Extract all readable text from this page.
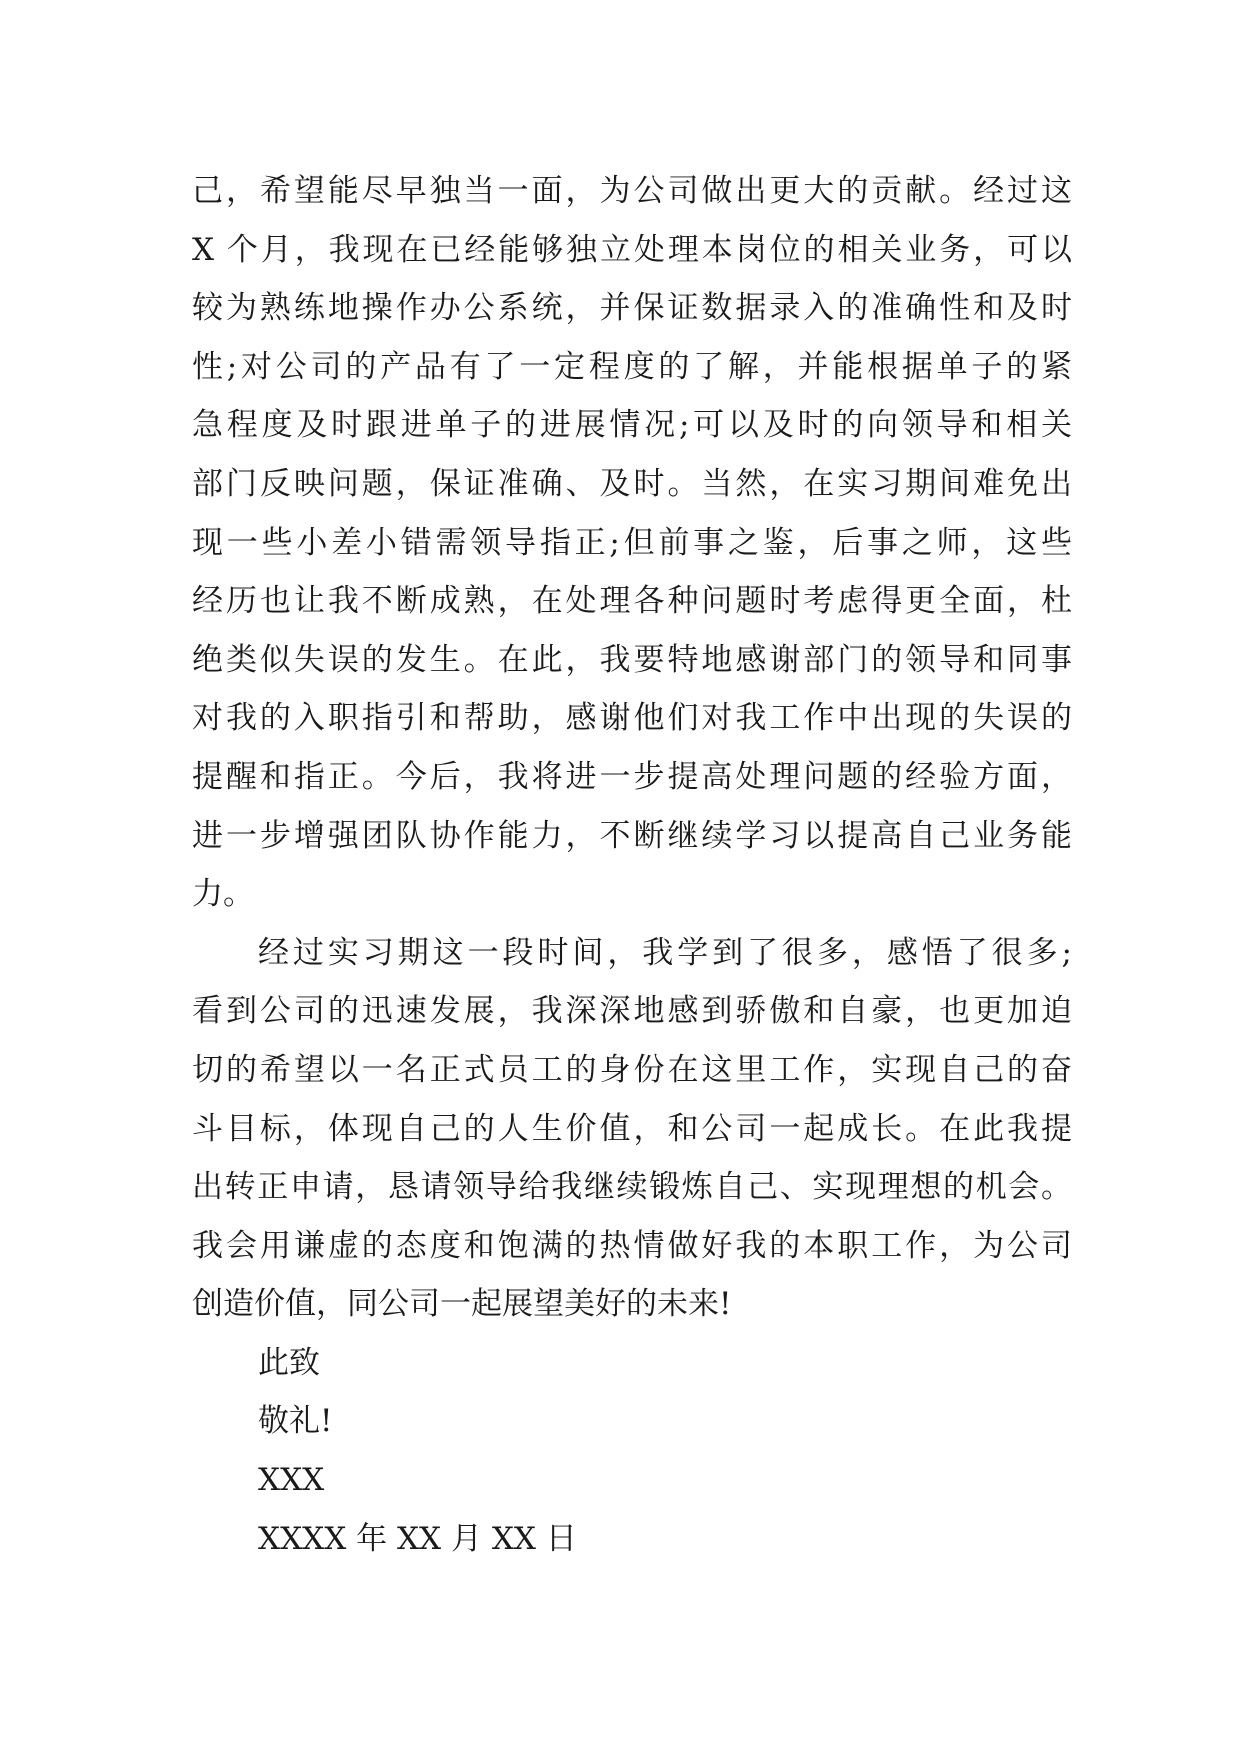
己，希望能尽早独当一面，为公司做出更大的贡献。经过这
X 个月，我现在已经能够独立处理本岗位的相关业务，可以
较为熟练地操作办公系统，并保证数据录入的准确性和及时
性;对公司的产品有了一定程度的了解，并能根据单子的紧
急程度及时跟进单子的进展情况;可以及时的向领导和相关
部门反映问题，保证准确、及时。当然，在实习期间难免出
现一些小差小错需领导指正;但前事之鉴，后事之师，这些
经历也让我不断成熟，在处理各种问题时考虑得更全面，杜
绝类似失误的发生。在此，我要特地感谢部门的领导和同事
对我的入职指引和帮助，感谢他们对我工作中出现的失误的
提醒和指正。今后，我将进一步提高处理问题的经验方面，
进一步增强团队协作能力，不断继续学习以提高自己业务能
力。
经过实习期这一段时间，我学到了很多，感悟了很多;
看到公司的迅速发展，我深深地感到骄傲和自豪，也更加迫
切的希望以一名正式员工的身份在这里工作，实现自己的奋
斗目标，体现自己的人生价值，和公司一起成长。在此我提
出转正申请，恳请领导给我继续锻炼自己、实现理想的机会。
我会用谦虚的态度和饱满的热情做好我的本职工作，为公司
创造价值，同公司一起展望美好的未来!
此致
敬礼!
XXX
XXXX 年 XX 月 XX 日
